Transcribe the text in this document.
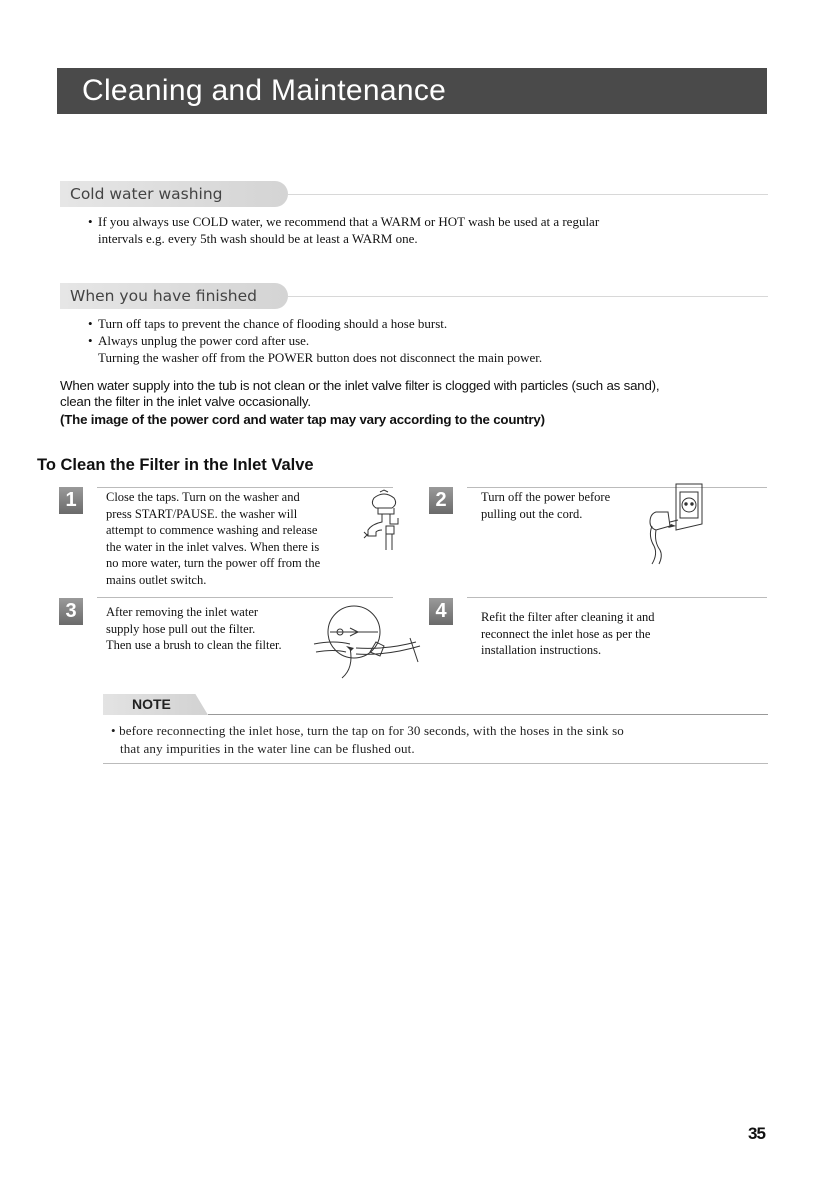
Cleaning and Maintenance
Cold water washing
• If you always use COLD water, we recommend that a WARM or HOT wash be used at a regular
intervals e.g. every 5th wash should be at least a WARM one.
When you have finished
• Turn off taps to prevent the chance of flooding should a hose burst.
• Always unplug the power cord after use.
Turning the washer off from the POWER button does not disconnect the main power.
When water supply into the tub is not clean or the inlet valve filter is clogged with particles (such as sand),
clean the filter in the inlet valve occasionally.
(The image of the power cord and water tap may vary according to the country)
To Clean the Filter in the Inlet Valve
1	Close the taps. Turn on the washer and
press START/PAUSE. the washer will
attempt to commence washing and release
the water in the inlet valves. When there is
no more water, turn the power off from the
mains outlet switch.
2	Turn off the power before
pulling out the cord.
3	After removing the inlet water
supply hose pull out the filter.
Then use a brush to clean the filter.
4	Refit the filter after cleaning it and
reconnect the inlet hose as per the
installation instructions.
NOTE
• before reconnecting the inlet hose, turn the tap on for 30 seconds, with the hoses in the sink so
that any impurities in the water line can be flushed out.
35
